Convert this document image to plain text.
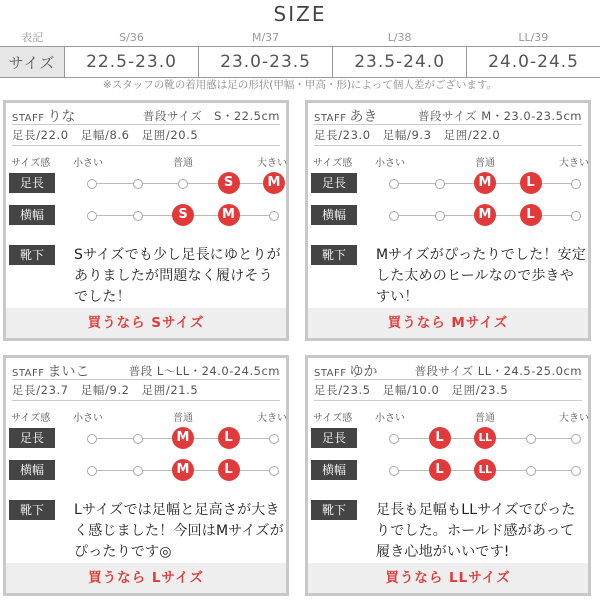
SIZE
表記	S/36	M/37	L/38	LL/39
サイズ	22.5-23.0	23.0-23.5	23.5-24.0	24.0-24.5
※スタッフの靴の着用感は足の形状(甲幅・甲高・形)によって個人差がございます。
STAFF りな	普段サイズ　S・22.5cm
足長/22.0　足幅/8.6　足囲/20.5
サイズ感 小さい	普通	大きい
足長	S	M
横幅	S	M
靴下	Sサイズでも少し足長にゆとりがありましたが問題なく履けそうでした！
買うなら Sサイズ
STAFF あき	普段サイズ M・23.0-23.5cm
足長/23.0　足幅/9.3　足囲/22.0
サイズ感 小さい	普通	大きい
足長	M	L
横幅	M	L
靴下	Mサイズがぴったりでした！安定した太めのヒールなので歩きやすい！
買うなら Mサイズ
STAFF まいこ	普段 L〜LL・24.0-24.5cm
足長/23.7　足幅/9.2　足囲/21.5
サイズ感 小さい	普通	大きい
足長	M	L
横幅	M	L
靴下	Lサイズでは足幅と足高さが大きく感じました！今回はMサイズがぴったりです◎
買うなら Lサイズ
STAFF ゆか	普段サイズ LL・24.5-25.0cm
足長/23.5　足幅/10.0　足囲/23.5
サイズ感 小さい	普通	大きい
足長	L	LL
横幅	L	LL
靴下	足長も足幅もLLサイズでぴったりでした。ホールド感があって履き心地がいいです!
買うなら LLサイズ
